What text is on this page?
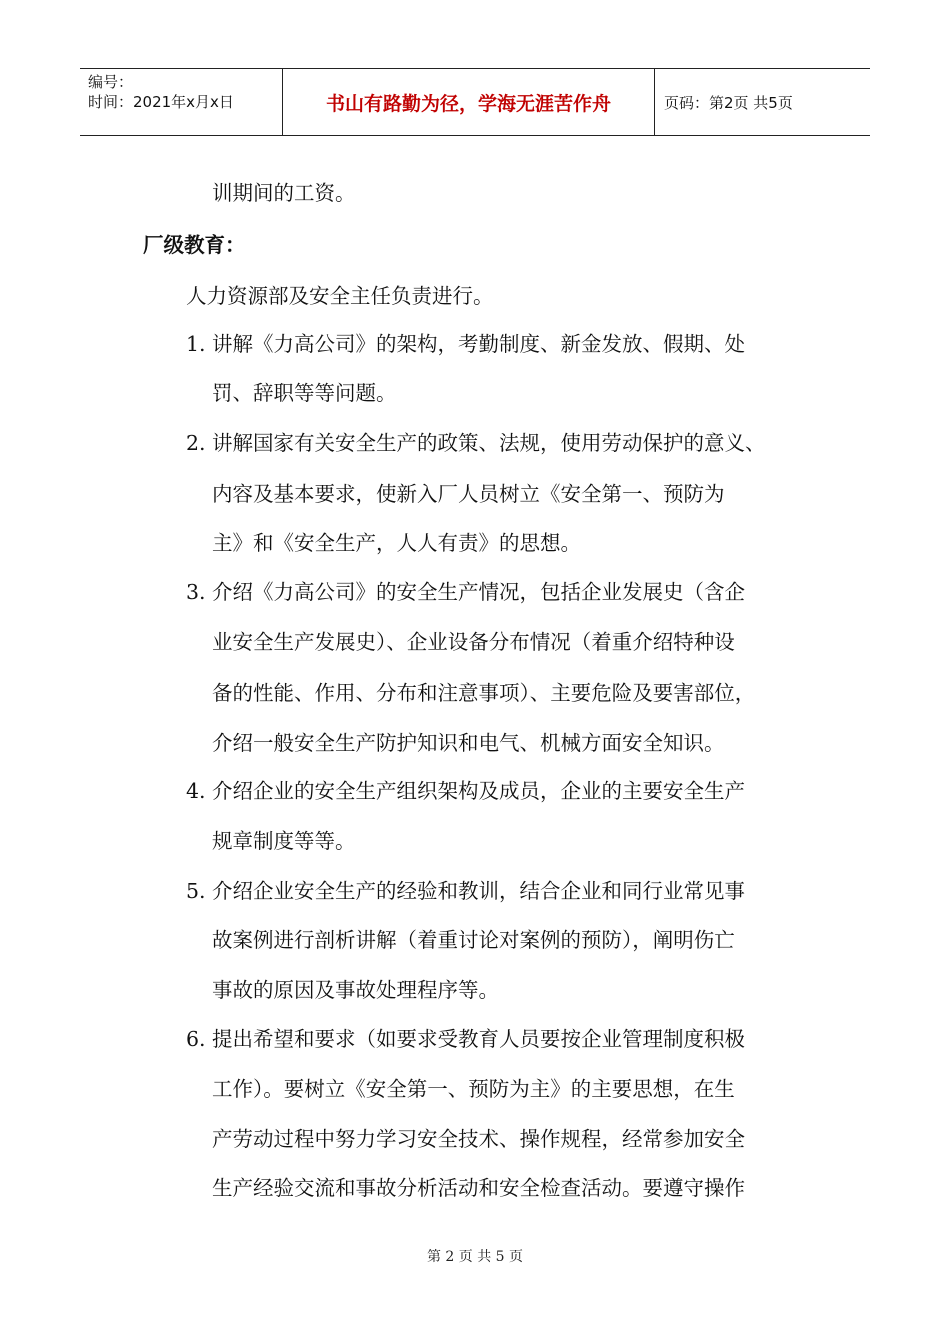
编号：
时间：2021年x月x日	书山有路勤为径，学海无涯苦作舟	页码：第2页 共5页
训期间的工资。
厂级教育：
人力资源部及安全主任负责进行。
1. 讲解《力高公司》的架构，考勤制度、新金发放、假期、处
罚、辞职等等问题。
2. 讲解国家有关安全生产的政策、法规，使用劳动保护的意义、
内容及基本要求，使新入厂人员树立《安全第一、预防为
主》和《安全生产，人人有责》的思想。
3. 介绍《力高公司》的安全生产情况，包括企业发展史（含企
业安全生产发展史）、企业设备分布情况（着重介绍特种设
备的性能、作用、分布和注意事项）、主要危险及要害部位，
介绍一般安全生产防护知识和电气、机械方面安全知识。
4. 介绍企业的安全生产组织架构及成员，企业的主要安全生产
规章制度等等。
5. 介绍企业安全生产的经验和教训，结合企业和同行业常见事
故案例进行剖析讲解（着重讨论对案例的预防），阐明伤亡
事故的原因及事故处理程序等。
6. 提出希望和要求（如要求受教育人员要按企业管理制度积极
工作）。要树立《安全第一、预防为主》的主要思想，在生
产劳动过程中努力学习安全技术、操作规程，经常参加安全
生产经验交流和事故分析活动和安全检查活动。要遵守操作
第 2 页 共 5 页
